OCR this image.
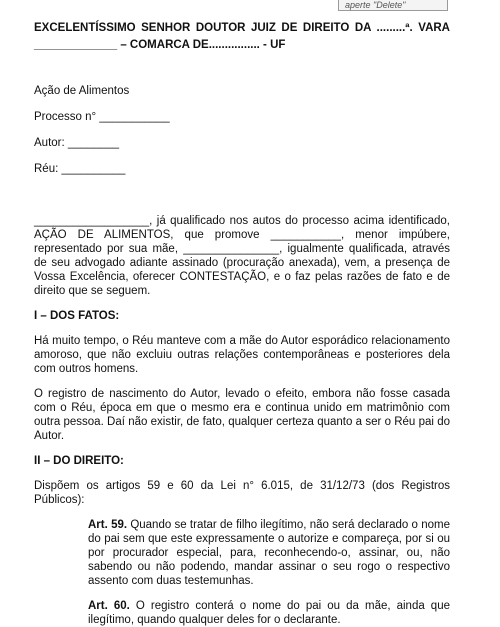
aperte "Delete"

EXCELENTÍSSIMO SENHOR DOUTOR JUIZ DE DIREITO DA .........ª. VARA _____________ – COMARCA DE................ - UF

Ação de Alimentos

Processo n° ___________

Autor: ________

Réu: __________

__________________, já qualificado nos autos do processo acima identificado, AÇÃO DE ALIMENTOS, que promove ___________, menor impúbere, representado por sua mãe, _______________, igualmente qualificada, através de seu advogado adiante assinado (procuração anexada), vem, a presença de Vossa Excelência, oferecer CONTESTAÇÃO, e o faz pelas razões de fato e de direito que se seguem.

I – DOS FATOS:

Há muito tempo, o Réu manteve com a mãe do Autor esporádico relacionamento amoroso, que não excluiu outras relações contemporâneas e posteriores dela com outros homens.

O registro de nascimento do Autor, levado o efeito, embora não fosse casada com o Réu, época em que o mesmo era e continua unido em matrimônio com outra pessoa. Daí não existir, de fato, qualquer certeza quanto a ser o Réu pai do Autor.

II – DO DIREITO:

Dispõem os artigos 59 e 60 da Lei n° 6.015, de 31/12/73 (dos Registros Públicos):

Art. 59. Quando se tratar de filho ilegítimo, não será declarado o nome do pai sem que este expressamente o autorize e compareça, por si ou por procurador especial, para, reconhecendo-o, assinar, ou, não sabendo ou não podendo, mandar assinar o seu rogo o respectivo assento com duas testemunhas.

Art. 60. O registro conterá o nome do pai ou da mãe, ainda que ilegítimo, quando qualquer deles for o declarante.
